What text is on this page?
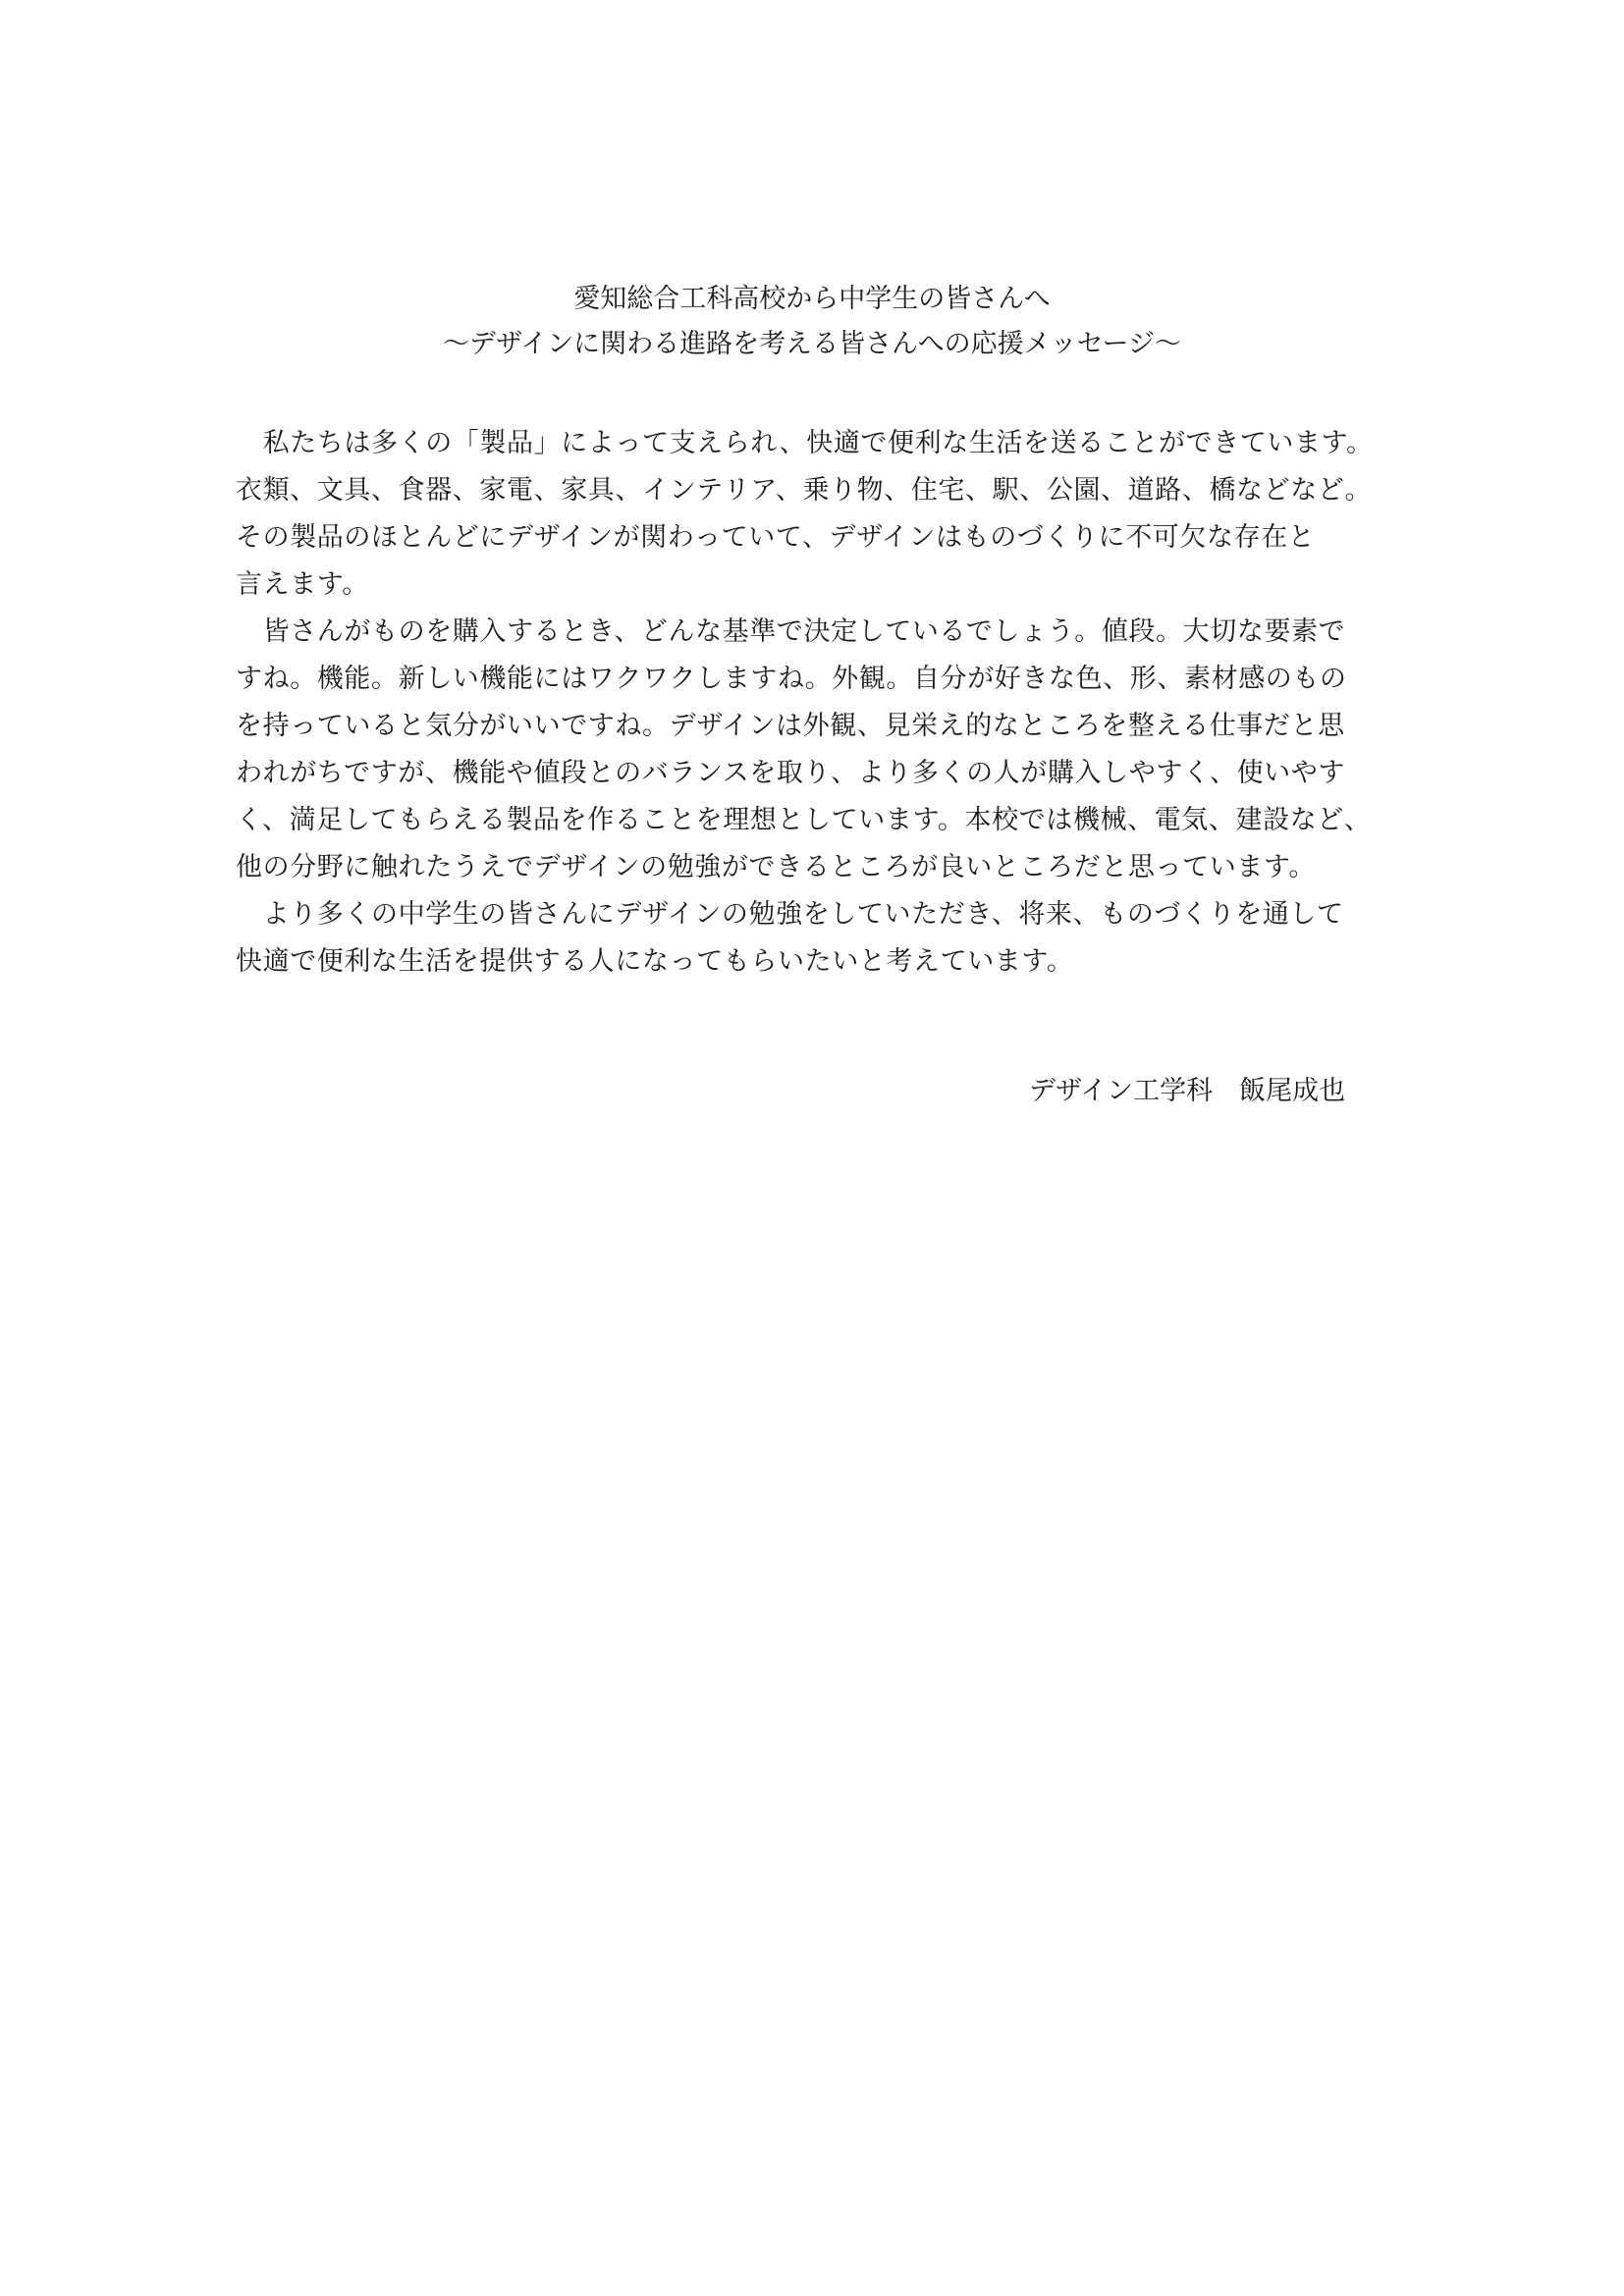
愛知総合工科高校から中学生の皆さんへ
〜デザインに関わる進路を考える皆さんへの応援メッセージ〜
　私たちは多くの「製品」によって支えられ、快適で便利な生活を送ることができています。
衣類、文具、食器、家電、家具、インテリア、乗り物、住宅、駅、公園、道路、橋などなど。
その製品のほとんどにデザインが関わっていて、デザインはものづくりに不可欠な存在と
言えます。
　皆さんがものを購入するとき、どんな基準で決定しているでしょう。値段。大切な要素で
すね。機能。新しい機能にはワクワクしますね。外観。自分が好きな色、形、素材感のもの
を持っていると気分がいいですね。デザインは外観、見栄え的なところを整える仕事だと思
われがちですが、機能や値段とのバランスを取り、より多くの人が購入しやすく、使いやす
く、満足してもらえる製品を作ることを理想としています。本校では機械、電気、建設など、
他の分野に触れたうえでデザインの勉強ができるところが良いところだと思っています。
　より多くの中学生の皆さんにデザインの勉強をしていただき、将来、ものづくりを通して
快適で便利な生活を提供する人になってもらいたいと考えています。
デザイン工学科　飯尾成也
